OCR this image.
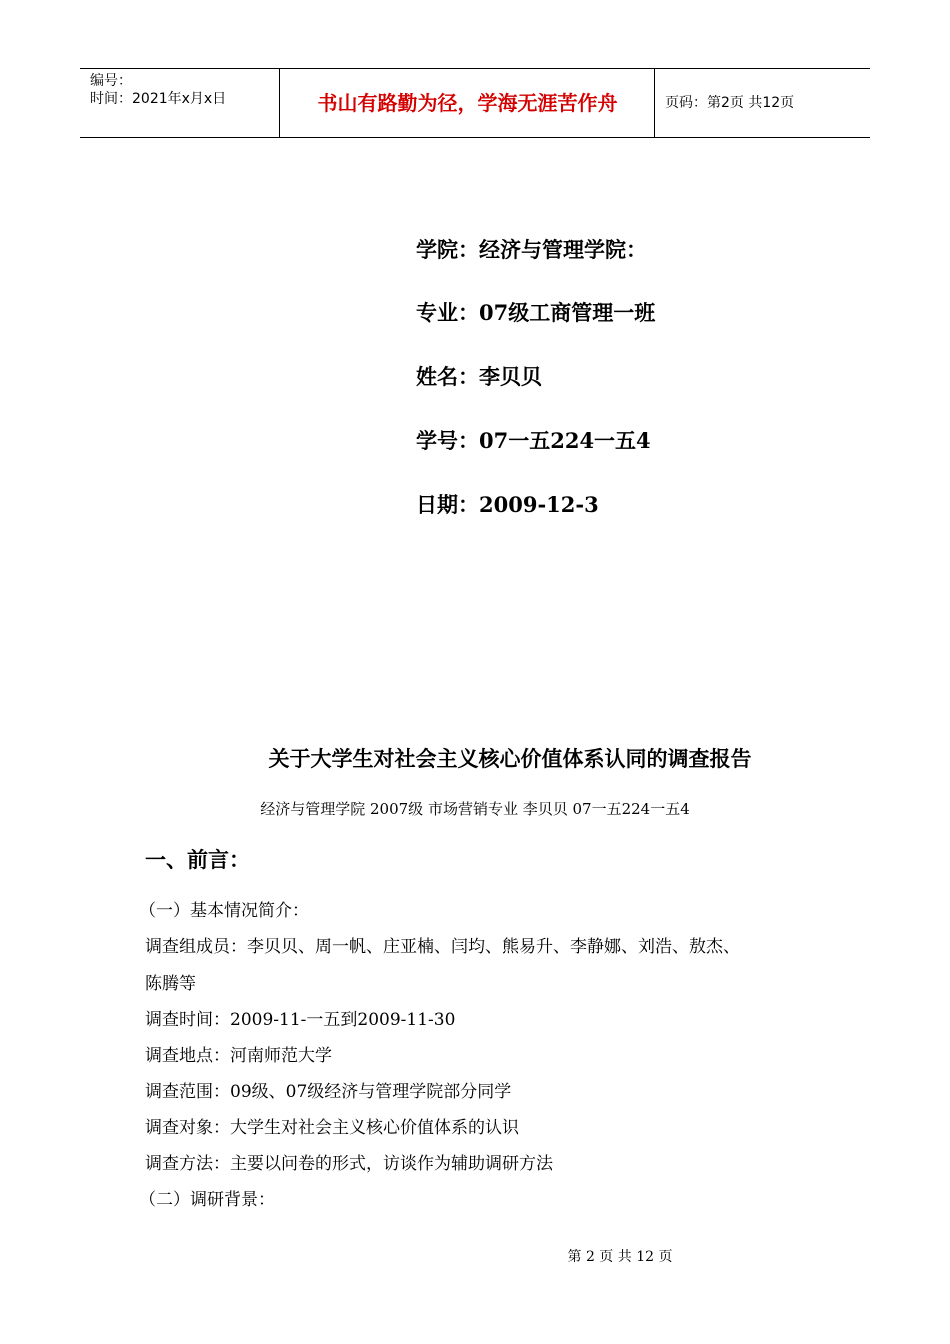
编号：
时间：2021年x月x日	书山有路勤为径，学海无涯苦作舟	页码：第2页 共12页
学院：经济与管理学院：
专业：07级工商管理一班
姓名：李贝贝
学号：07一五224一五4
日期：2009-12-3
关于大学生对社会主义核心价值体系认同的调查报告
经济与管理学院 2007级 市场营销专业 李贝贝 07一五224一五4
一、前言：
（一）基本情况简介：
调查组成员：李贝贝、周一帆、庄亚楠、闫均、熊易升、李静娜、刘浩、敖杰、
陈腾等
调查时间：2009-11-一五到2009-11-30
调查地点：河南师范大学
调查范围：09级、07级经济与管理学院部分同学
调查对象：大学生对社会主义核心价值体系的认识
调查方法：主要以问卷的形式，访谈作为辅助调研方法
（二）调研背景：
第 2 页 共 12 页
